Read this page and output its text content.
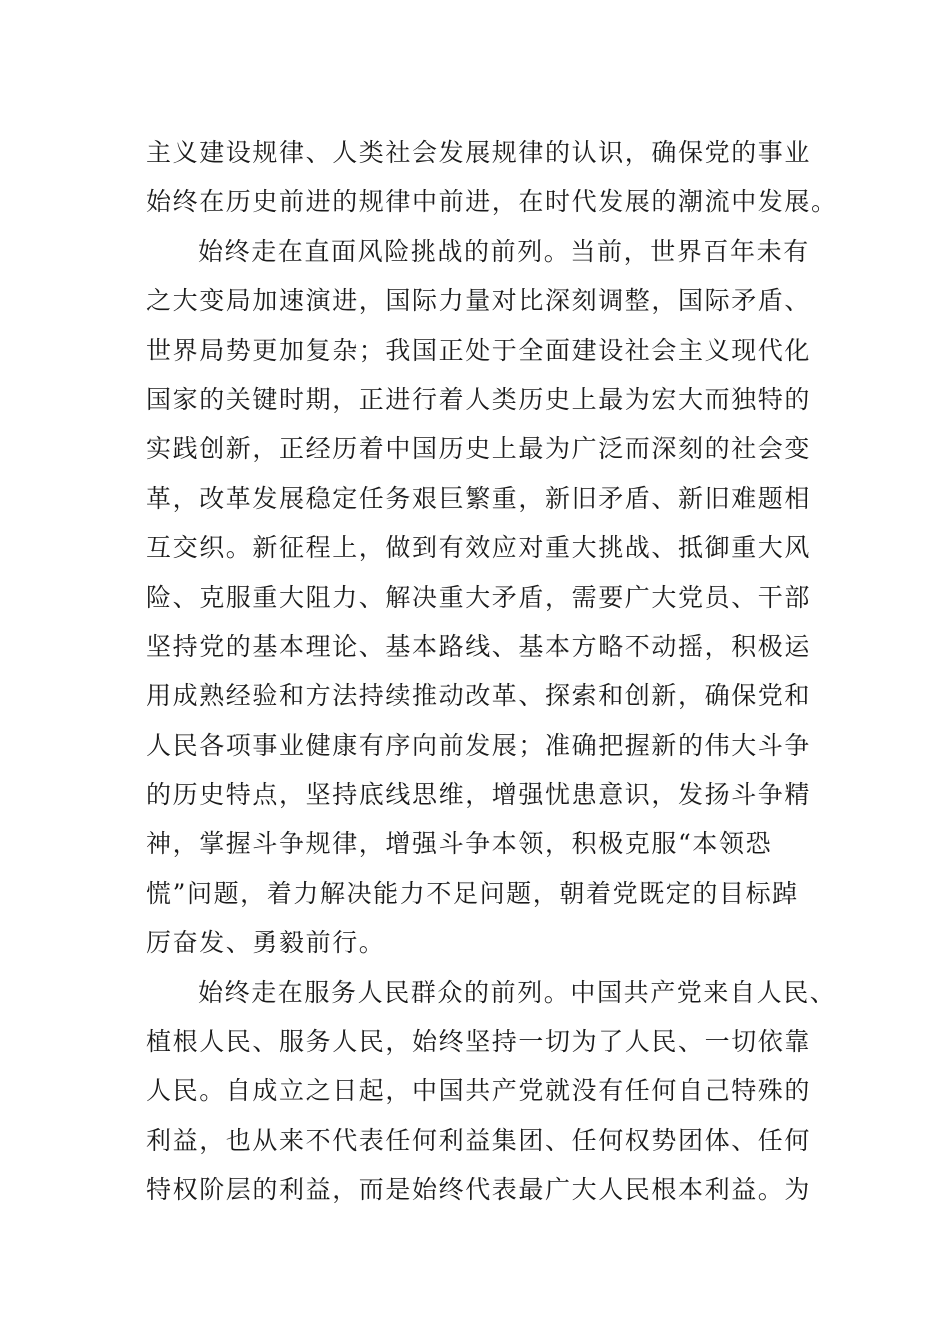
主义建设规律、人类社会发展规律的认识，确保党的事业
始终在历史前进的规律中前进，在时代发展的潮流中发展。
始终走在直面风险挑战的前列。当前，世界百年未有
之大变局加速演进，国际力量对比深刻调整，国际矛盾、
世界局势更加复杂；我国正处于全面建设社会主义现代化
国家的关键时期，正进行着人类历史上最为宏大而独特的
实践创新，正经历着中国历史上最为广泛而深刻的社会变
革，改革发展稳定任务艰巨繁重，新旧矛盾、新旧难题相
互交织。新征程上，做到有效应对重大挑战、抵御重大风
险、克服重大阻力、解决重大矛盾，需要广大党员、干部
坚持党的基本理论、基本路线、基本方略不动摇，积极运
用成熟经验和方法持续推动改革、探索和创新，确保党和
人民各项事业健康有序向前发展；准确把握新的伟大斗争
的历史特点，坚持底线思维，增强忧患意识，发扬斗争精
神，掌握斗争规律，增强斗争本领，积极克服“本领恐
慌”问题，着力解决能力不足问题，朝着党既定的目标踔
厉奋发、勇毅前行。
始终走在服务人民群众的前列。中国共产党来自人民、
植根人民、服务人民，始终坚持一切为了人民、一切依靠
人民。自成立之日起，中国共产党就没有任何自己特殊的
利益，也从来不代表任何利益集团、任何权势团体、任何
特权阶层的利益，而是始终代表最广大人民根本利益。为
